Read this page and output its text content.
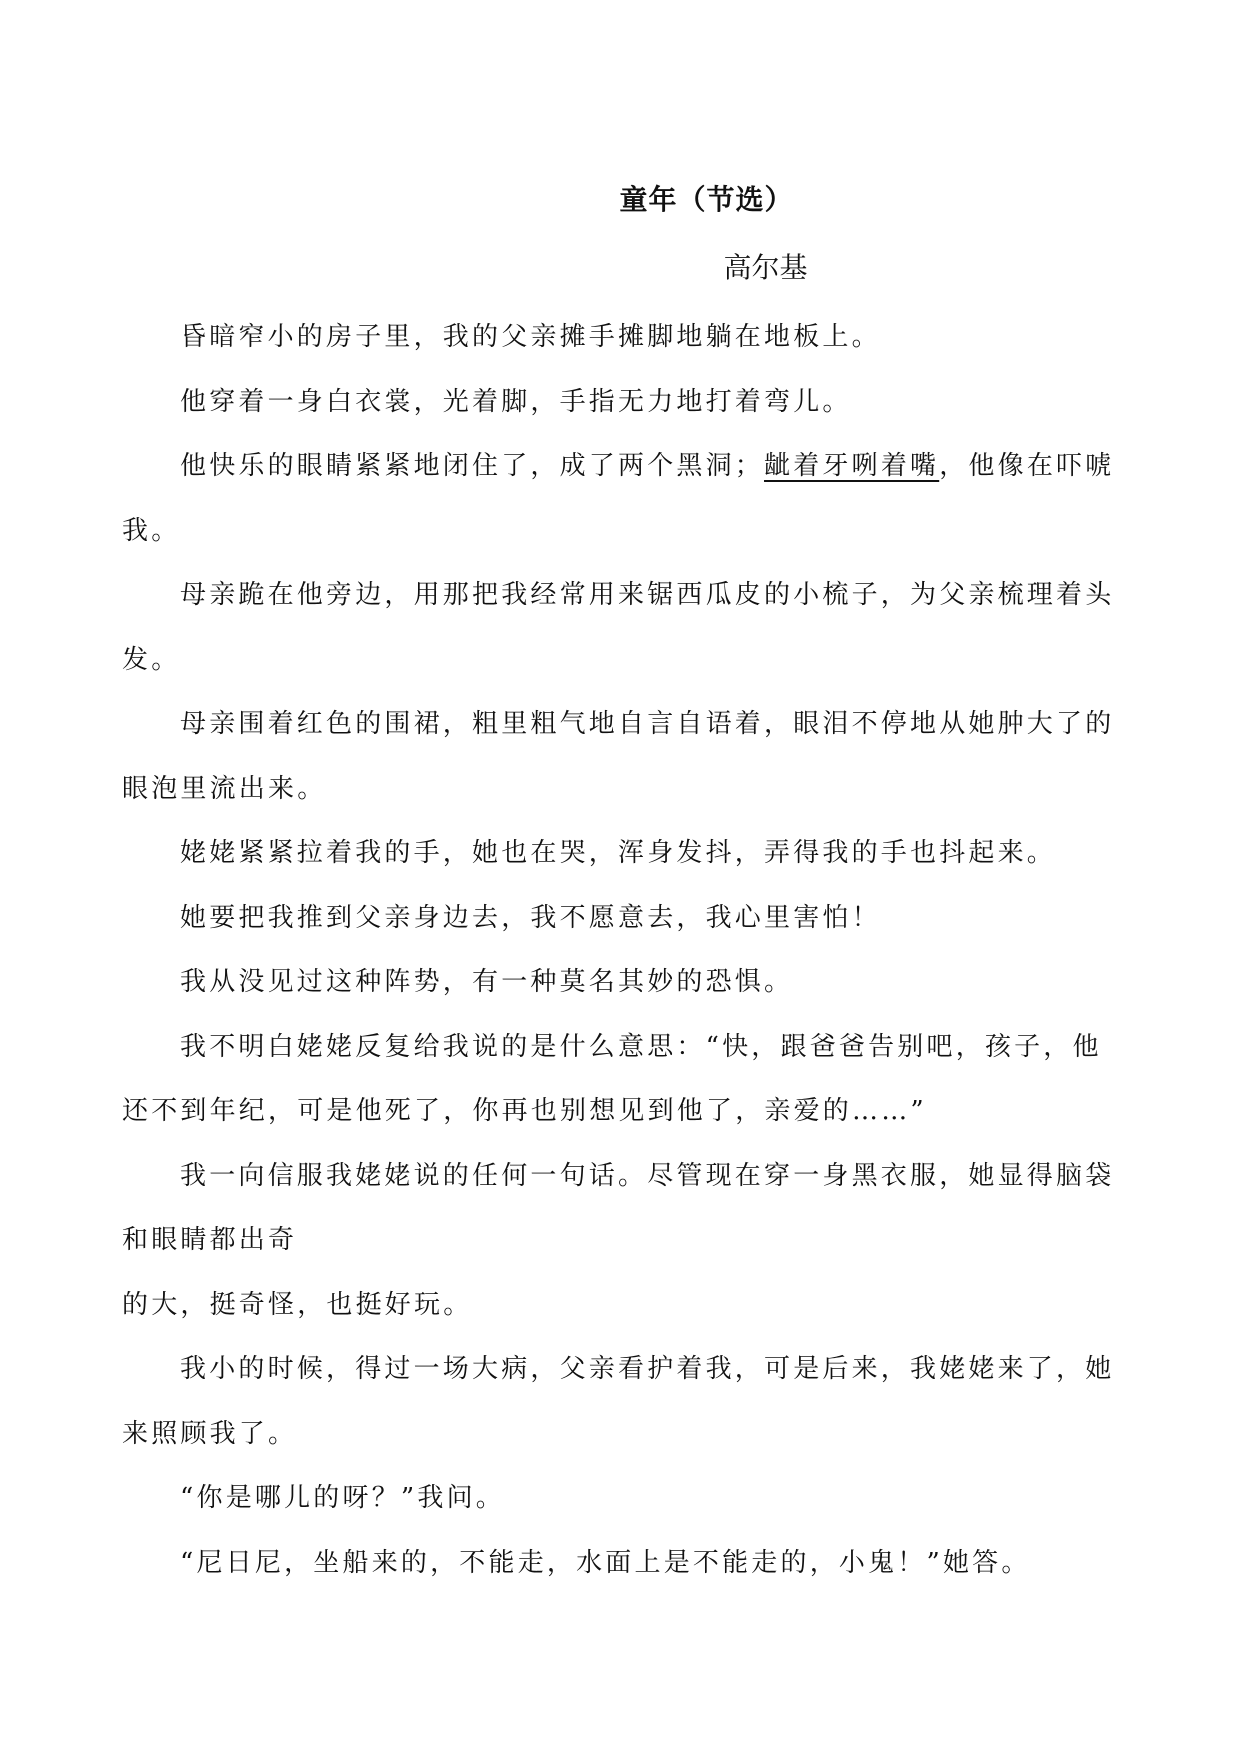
童年（节选）
高尔基

昏暗窄小的房子里，我的父亲摊手摊脚地躺在地板上。

他穿着一身白衣裳，光着脚，手指无力地打着弯儿。

他快乐的眼睛紧紧地闭住了，成了两个黑洞；龇着牙咧着嘴，他像在吓唬我。

母亲跪在他旁边，用那把我经常用来锯西瓜皮的小梳子，为父亲梳理着头发。

母亲围着红色的围裙，粗里粗气地自言自语着，眼泪不停地从她肿大了的眼泡里流出来。

姥姥紧紧拉着我的手，她也在哭，浑身发抖，弄得我的手也抖起来。

她要把我推到父亲身边去，我不愿意去，我心里害怕！

我从没见过这种阵势，有一种莫名其妙的恐惧。

我不明白姥姥反复给我说的是什么意思：“快，跟爸爸告别吧，孩子，他还不到年纪，可是他死了，你再也别想见到他了，亲爱的……”

我一向信服我姥姥说的任何一句话。尽管现在穿一身黑衣服，她显得脑袋和眼睛都出奇

的大，挺奇怪，也挺好玩。

我小的时候，得过一场大病，父亲看护着我，可是后来，我姥姥来了，她来照顾我了。

“你是哪儿的呀？”我问。

“尼日尼，坐船来的，不能走，水面上是不能走的，小鬼！”她答。
